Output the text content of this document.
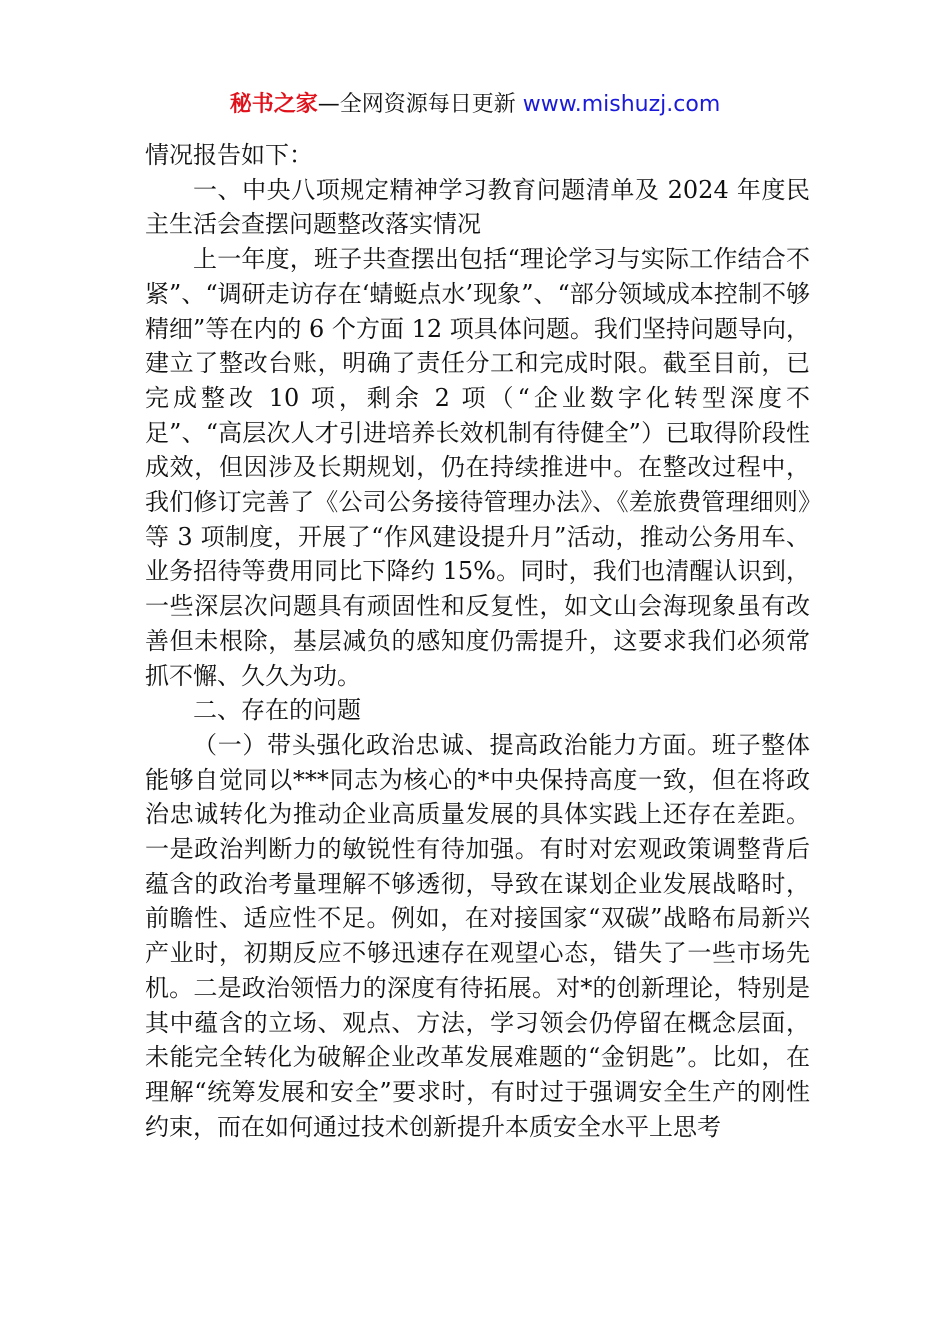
秘书之家—全网资源每日更新 www.mishuzj.com

情况报告如下：

一、中央八项规定精神学习教育问题清单及 2024 年度民主生活会查摆问题整改落实情况

上一年度，班子共查摆出包括“理论学习与实际工作结合不紧”、“调研走访存在‘蜻蜓点水’现象”、“部分领域成本控制不够精细”等在内的 6 个方面 12 项具体问题。我们坚持问题导向，建立了整改台账，明确了责任分工和完成时限。截至目前，已完成整改 10 项，剩余 2 项（“企业数字化转型深度不足”、“高层次人才引进培养长效机制有待健全”）已取得阶段性成效，但因涉及长期规划，仍在持续推进中。在整改过程中，我们修订完善了《公司公务接待管理办法》、《差旅费管理细则》等 3 项制度，开展了“作风建设提升月”活动，推动公务用车、业务招待等费用同比下降约 15%。同时，我们也清醒认识到，一些深层次问题具有顽固性和反复性，如文山会海现象虽有改善但未根除，基层减负的感知度仍需提升，这要求我们必须常抓不懈、久久为功。

二、存在的问题

（一）带头强化政治忠诚、提高政治能力方面。班子整体能够自觉同以***同志为核心的*中央保持高度一致，但在将政治忠诚转化为推动企业高质量发展的具体实践上还存在差距。一是政治判断力的敏锐性有待加强。有时对宏观政策调整背后蕴含的政治考量理解不够透彻，导致在谋划企业发展战略时，前瞻性、适应性不足。例如，在对接国家“双碳”战略布局新兴产业时，初期反应不够迅速存在观望心态，错失了一些市场先机。二是政治领悟力的深度有待拓展。对*的创新理论，特别是其中蕴含的立场、观点、方法，学习领会仍停留在概念层面，未能完全转化为破解企业改革发展难题的“金钥匙”。比如，在理解“统筹发展和安全”要求时，有时过于强调安全生产的刚性约束，而在如何通过技术创新提升本质安全水平上思考
